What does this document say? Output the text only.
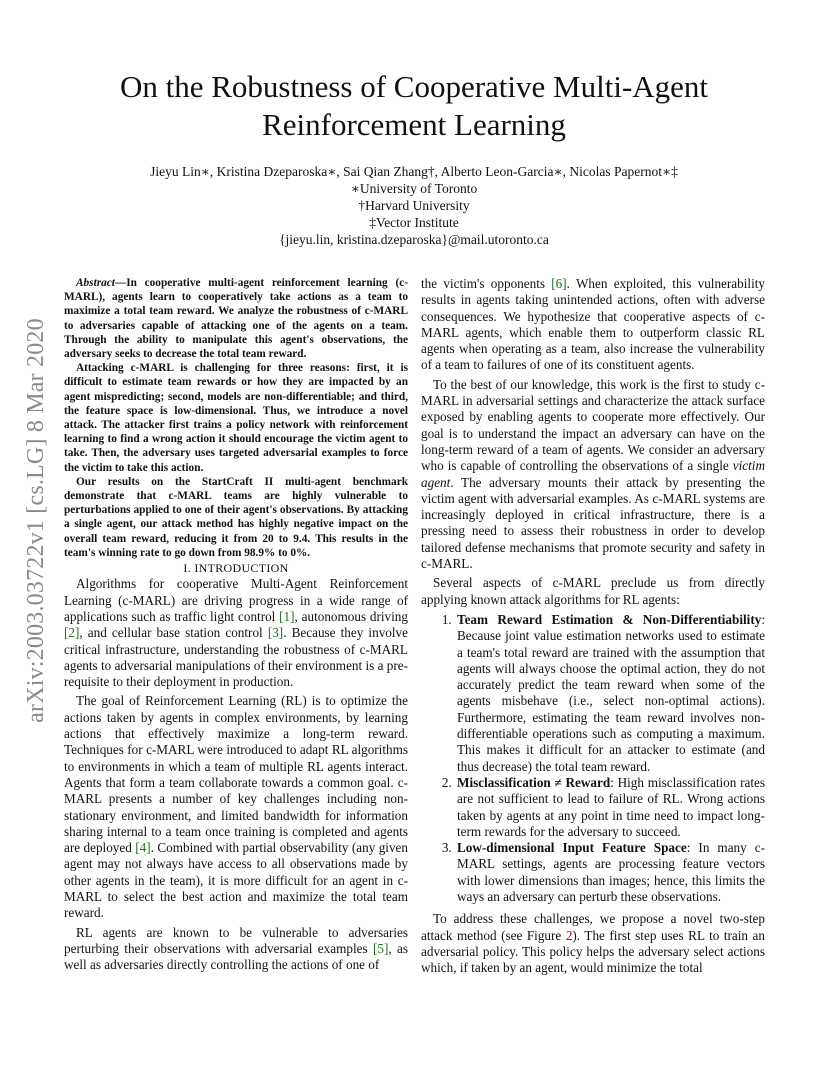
arXiv:2003.03722v1 [cs.LG] 8 Mar 2020
On the Robustness of Cooperative Multi-Agent
Reinforcement Learning
Jieyu Lin∗, Kristina Dzeparoska∗, Sai Qian Zhang†, Alberto Leon-Garcia∗, Nicolas Papernot∗‡
∗University of Toronto
†Harvard University
‡Vector Institute
{jieyu.lin, kristina.dzeparoska}@mail.utoronto.ca

Abstract—In cooperative multi-agent reinforcement learning (c-MARL), agents learn to cooperatively take actions as a team to maximize a total team reward. We analyze the robustness of c-MARL to adversaries capable of attacking one of the agents on a team. Through the ability to manipulate this agent's observations, the adversary seeks to decrease the total team reward.

Attacking c-MARL is challenging for three reasons: first, it is difficult to estimate team rewards or how they are impacted by an agent mispredicting; second, models are non-differentiable; and third, the feature space is low-dimensional. Thus, we introduce a novel attack. The attacker first trains a policy network with reinforcement learning to find a wrong action it should encourage the victim agent to take. Then, the adversary uses targeted adversarial examples to force the victim to take this action.

Our results on the StartCraft II multi-agent benchmark demonstrate that c-MARL teams are highly vulnerable to perturbations applied to one of their agent's observations. By attacking a single agent, our attack method has highly negative impact on the overall team reward, reducing it from 20 to 9.4. This results in the team's winning rate to go down from 98.9% to 0%.

I. INTRODUCTION

Algorithms for cooperative Multi-Agent Reinforcement Learning (c-MARL) are driving progress in a wide range of applications such as traffic light control [1], autonomous driving [2], and cellular base station control [3]. Because they involve critical infrastructure, understanding the robustness of c-MARL agents to adversarial manipulations of their environment is a pre-requisite to their deployment in production.

The goal of Reinforcement Learning (RL) is to optimize the actions taken by agents in complex environments, by learning actions that effectively maximize a long-term reward. Techniques for c-MARL were introduced to adapt RL algorithms to environments in which a team of multiple RL agents interact. Agents that form a team collaborate towards a common goal. c-MARL presents a number of key challenges including non-stationary environment, and limited bandwidth for information sharing internal to a team once training is completed and agents are deployed [4]. Combined with partial observability (any given agent may not always have access to all observations made by other agents in the team), it is more difficult for an agent in c-MARL to select the best action and maximize the total team reward.

RL agents are known to be vulnerable to adversaries perturbing their observations with adversarial examples [5], as well as adversaries directly controlling the actions of one of

the victim's opponents [6]. When exploited, this vulnerability results in agents taking unintended actions, often with adverse consequences. We hypothesize that cooperative aspects of c-MARL agents, which enable them to outperform classic RL agents when operating as a team, also increase the vulnerability of a team to failures of one of its constituent agents.

To the best of our knowledge, this work is the first to study c-MARL in adversarial settings and characterize the attack surface exposed by enabling agents to cooperate more effectively. Our goal is to understand the impact an adversary can have on the long-term reward of a team of agents. We consider an adversary who is capable of controlling the observations of a single victim agent. The adversary mounts their attack by presenting the victim agent with adversarial examples. As c-MARL systems are increasingly deployed in critical infrastructure, there is a pressing need to assess their robustness in order to develop tailored defense mechanisms that promote security and safety in c-MARL.

Several aspects of c-MARL preclude us from directly applying known attack algorithms for RL agents:

1. Team Reward Estimation & Non-Differentiability: Because joint value estimation networks used to estimate a team's total reward are trained with the assumption that agents will always choose the optimal action, they do not accurately predict the team reward when some of the agents misbehave (i.e., select non-optimal actions). Furthermore, estimating the team reward involves non-differentiable operations such as computing a maximum. This makes it difficult for an attacker to estimate (and thus decrease) the total team reward.
2. Misclassification ≠ Reward: High misclassification rates are not sufficient to lead to failure of RL. Wrong actions taken by agents at any point in time need to impact long-term rewards for the adversary to succeed.
3. Low-dimensional Input Feature Space: In many c-MARL settings, agents are processing feature vectors with lower dimensions than images; hence, this limits the ways an adversary can perturb these observations.

To address these challenges, we propose a novel two-step attack method (see Figure 2). The first step uses RL to train an adversarial policy. This policy helps the adversary select actions which, if taken by an agent, would minimize the total
